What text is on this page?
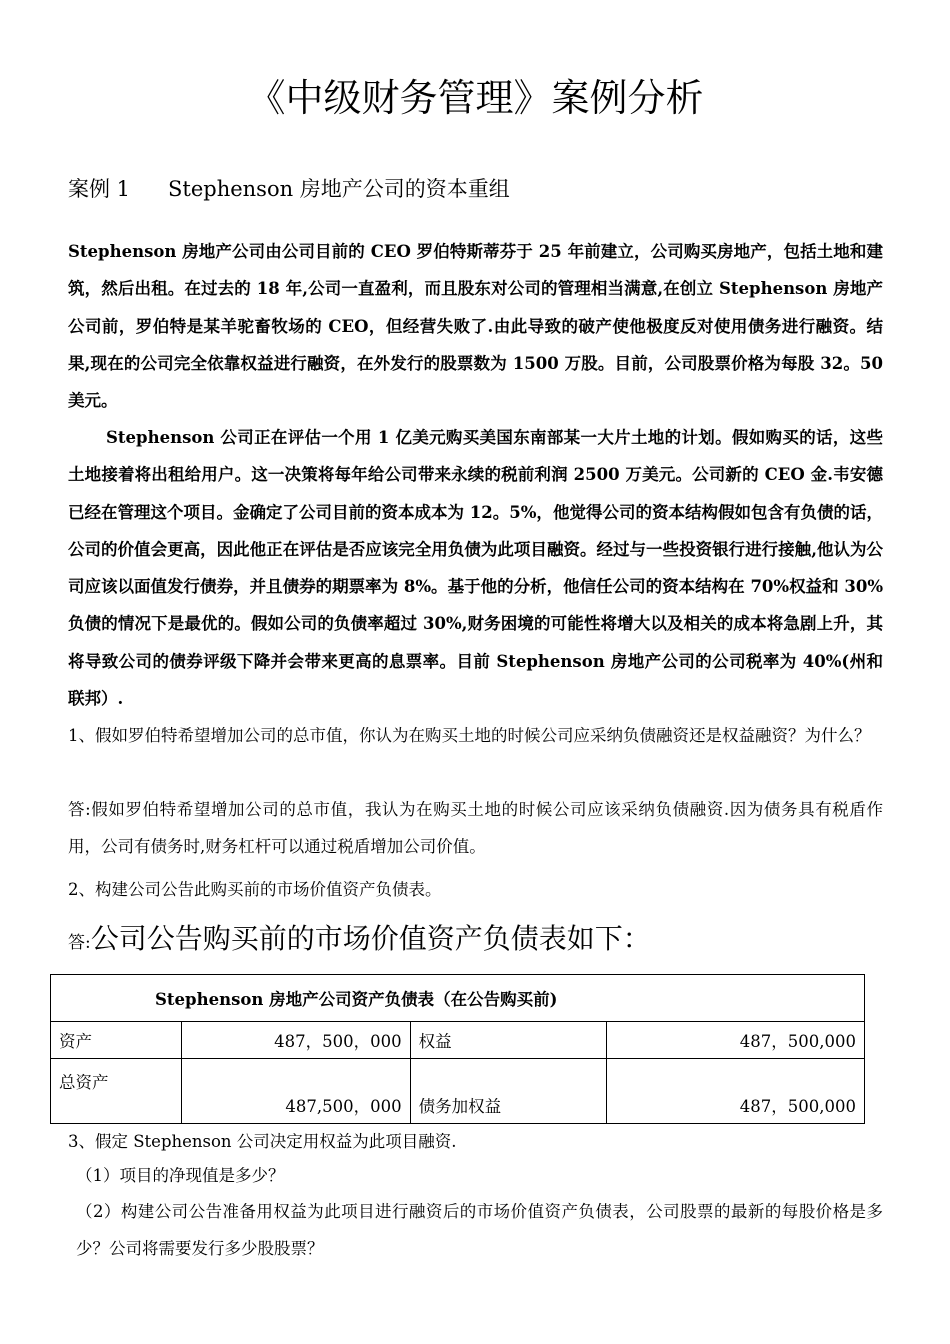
《中级财务管理》案例分析

案例 1 Stephenson 房地产公司的资本重组

Stephenson 房地产公司由公司目前的 CEO 罗伯特斯蒂芬于 25 年前建立，公司购买房地产，包括土地和建筑，然后出租。在过去的 18 年,公司一直盈利，而且股东对公司的管理相当满意,在创立 Stephenson 房地产公司前，罗伯特是某羊驼畜牧场的 CEO，但经营失败了.由此导致的破产使他极度反对使用债务进行融资。结果,现在的公司完全依靠权益进行融资，在外发行的股票数为 1500 万股。目前，公司股票价格为每股 32。50 美元。

Stephenson 公司正在评估一个用 1 亿美元购买美国东南部某一大片土地的计划。假如购买的话，这些土地接着将出租给用户。这一决策将每年给公司带来永续的税前利润 2500 万美元。公司新的 CEO 金.韦安德已经在管理这个项目。金确定了公司目前的资本成本为 12。5%，他觉得公司的资本结构假如包含有负债的话，公司的价值会更高，因此他正在评估是否应该完全用负债为此项目融资。经过与一些投资银行进行接触,他认为公司应该以面值发行债券，并且债券的期票率为 8%。基于他的分析，他信任公司的资本结构在 70%权益和 30%负债的情况下是最优的。假如公司的负债率超过 30%,财务困境的可能性将增大以及相关的成本将急剧上升，其将导致公司的债券评级下降并会带来更高的息票率。目前 Stephenson 房地产公司的公司税率为 40%(州和联邦）.

1、假如罗伯特希望增加公司的总市值，你认为在购买土地的时候公司应采纳负债融资还是权益融资？为什么？

答:假如罗伯特希望增加公司的总市值，我认为在购买土地的时候公司应该采纳负债融资.因为债务具有税盾作用，公司有债务时,财务杠杆可以通过税盾增加公司价值。

2、构建公司公告此购买前的市场价值资产负债表。

答:公司公告购买前的市场价值资产负债表如下：

Stephenson 房地产公司资产负债表（在公告购买前)			
资产	487，500，000	权益	487，500,000
总资产	487,500，000	债务加权益	487，500,000

3、假定 Stephenson 公司决定用权益为此项目融资.

（1）项目的净现值是多少？

（2）构建公司公告准备用权益为此项目进行融资后的市场价值资产负债表，公司股票的最新的每股价格是多少？公司将需要发行多少股股票？
